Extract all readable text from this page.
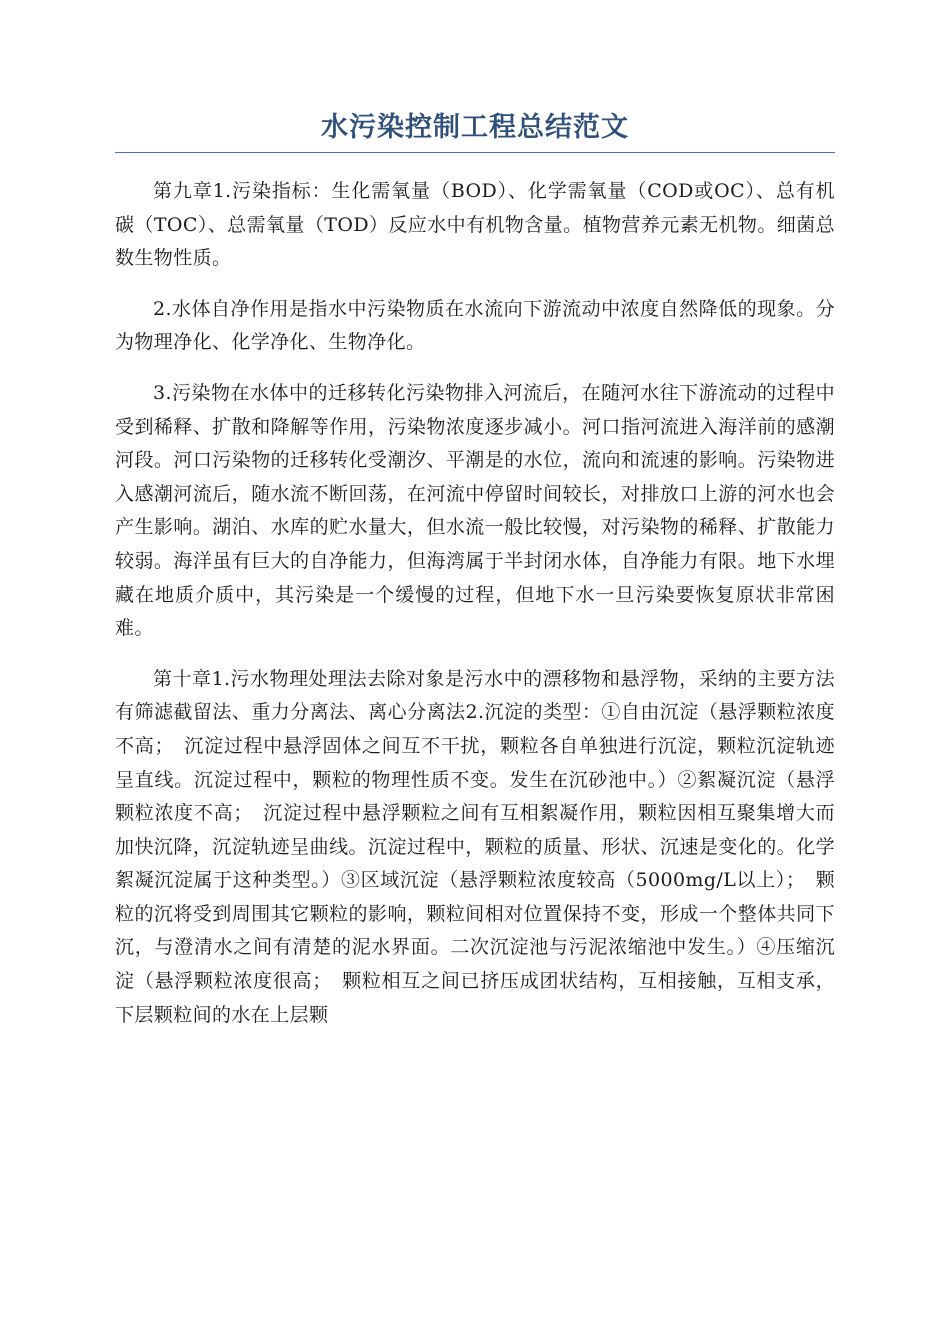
水污染控制工程总结范文

第九章1.污染指标：生化需氧量（BOD）、化学需氧量（COD或OC）、总有机碳（TOC）、总需氧量（TOD）反应水中有机物含量。植物营养元素无机物。细菌总数生物性质。

2.水体自净作用是指水中污染物质在水流向下游流动中浓度自然降低的现象。分为物理净化、化学净化、生物净化。

3.污染物在水体中的迁移转化污染物排入河流后，在随河水往下游流动的过程中受到稀释、扩散和降解等作用，污染物浓度逐步减小。河口指河流进入海洋前的感潮河段。河口污染物的迁移转化受潮汐、平潮是的水位，流向和流速的影响。污染物进入感潮河流后，随水流不断回荡，在河流中停留时间较长，对排放口上游的河水也会产生影响。湖泊、水库的贮水量大，但水流一般比较慢，对污染物的稀释、扩散能力较弱。海洋虽有巨大的自净能力，但海湾属于半封闭水体，自净能力有限。地下水埋藏在地质介质中，其污染是一个缓慢的过程，但地下水一旦污染要恢复原状非常困难。

第十章1.污水物理处理法去除对象是污水中的漂移物和悬浮物，采纳的主要方法有筛滤截留法、重力分离法、离心分离法2.沉淀的类型：①自由沉淀（悬浮颗粒浓度不高；　沉淀过程中悬浮固体之间互不干扰，颗粒各自单独进行沉淀，颗粒沉淀轨迹呈直线。沉淀过程中，颗粒的物理性质不变。发生在沉砂池中。）②絮凝沉淀（悬浮颗粒浓度不高；　沉淀过程中悬浮颗粒之间有互相絮凝作用，颗粒因相互聚集增大而加快沉降，沉淀轨迹呈曲线。沉淀过程中，颗粒的质量、形状、沉速是变化的。化学絮凝沉淀属于这种类型。）③区域沉淀（悬浮颗粒浓度较高（5000mg/L以上）；　颗粒的沉将受到周围其它颗粒的影响，颗粒间相对位置保持不变，形成一个整体共同下沉，与澄清水之间有清楚的泥水界面。二次沉淀池与污泥浓缩池中发生。）④压缩沉淀（悬浮颗粒浓度很高；　颗粒相互之间已挤压成团状结构，互相接触，互相支承，下层颗粒间的水在上层颗
